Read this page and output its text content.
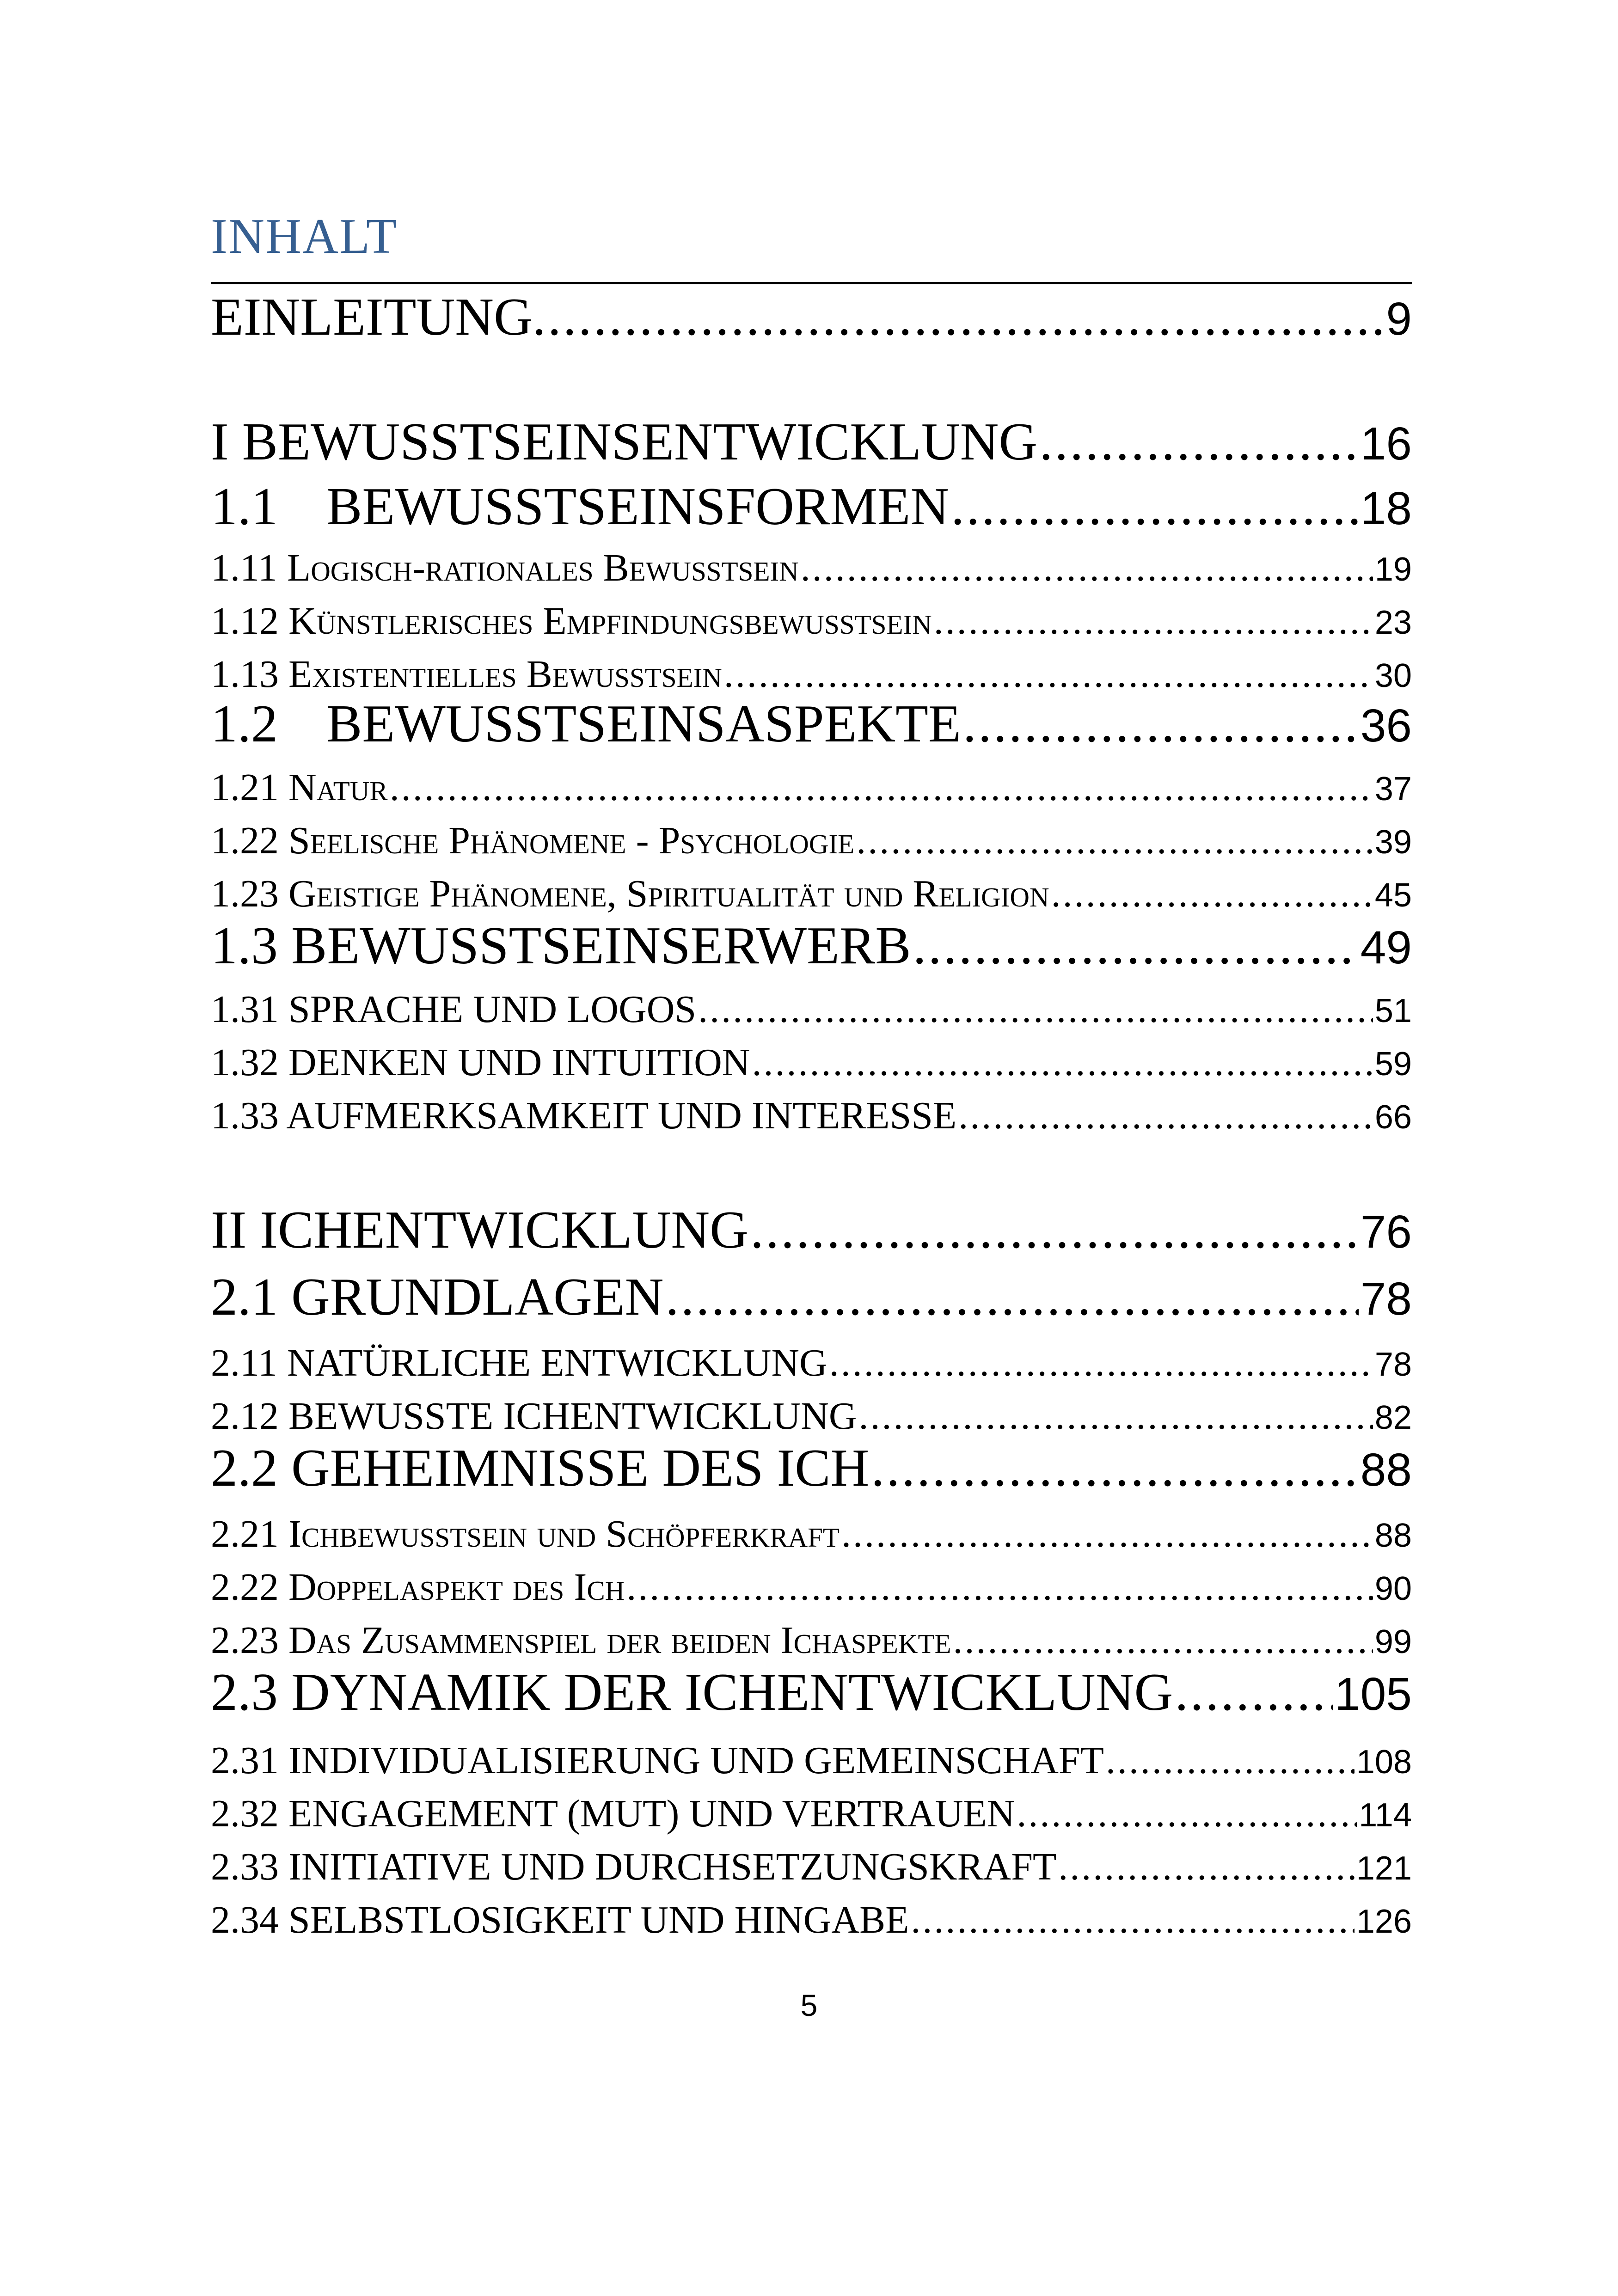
INHALT
EINLEITUNG. .....	9
I BEWUSSTSEINSENTWICKLUNG .....	16
1.1 BEWUSSTSEINSFORMEN .....	18
1.11 Logisch-rationales Bewusstsein .....	19
1.12 Künstlerisches Empfindungsbewusstsein .....	23
1.13 Existentielles Bewusstsein .....	30
1.2 BEWUSSTSEINSASPEKTE .....	36
1.21 Natur .....	37
1.22 Seelische Phänomene - Psychologie .....	39
1.23 Geistige Phänomene, Spiritualität und Religion .....	45
1.3 BEWUSSTSEINSERWERB .....	49
1.31 SPRACHE UND LOGOS .....	51
1.32 DENKEN UND INTUITION .....	59
1.33 AUFMERKSAMKEIT UND INTERESSE .....	66
II ICHENTWICKLUNG .....	76
2.1 GRUNDLAGEN .....	78
2.11 NATÜRLICHE ENTWICKLUNG .....	78
2.12 BEWUSSTE ICHENTWICKLUNG .....	82
2.2 GEHEIMNISSE DES ICH .....	88
2.21 Ichbewusstsein und Schöpferkraft .....	88
2.22 Doppelaspekt des Ich .....	90
2.23 Das Zusammenspiel der beiden Ichaspekte .....	99
2.3 DYNAMIK DER ICHENTWICKLUNG .....	105
2.31 INDIVIDUALISIERUNG UND GEMEINSCHAFT .....	108
2.32 ENGAGEMENT (MUT) UND VERTRAUEN .....	114
2.33 INITIATIVE UND DURCHSETZUNGSKRAFT .....	121
2.34 SELBSTLOSIGKEIT UND HINGABE .....	126
5
